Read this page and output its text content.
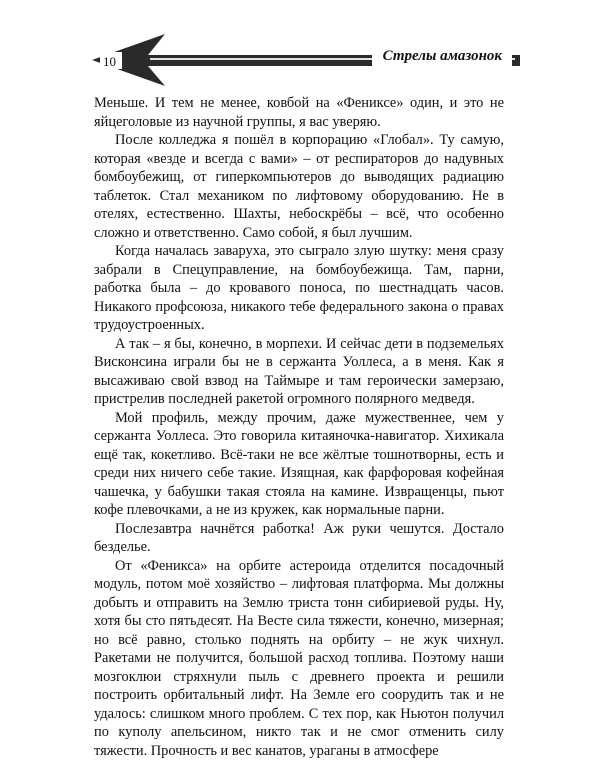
10	Стрелы амазонок

Меньше. И тем не менее, ковбой на «Фениксе» один, и это не яйцеголовые из научной группы, я вас уверяю.

После колледжа я пошёл в корпорацию «Глобал». Ту самую, которая «везде и всегда с вами» – от респираторов до надувных бомбоубежищ, от гиперкомпьютеров до выводящих радиацию таблеток. Стал механиком по лифтовому оборудованию. Не в отелях, естественно. Шахты, небоскрёбы – всё, что особенно сложно и ответственно. Само собой, я был лучшим.

Когда началась заваруха, это сыграло злую шутку: меня сразу забрали в Спецуправление, на бомбоубежища. Там, парни, работка была – до кровавого поноса, по шестнадцать часов. Никакого профсоюза, никакого тебе федерального закона о правах трудоустроенных.

А так – я бы, конечно, в морпехи. И сейчас дети в подземельях Висконсина играли бы не в сержанта Уоллеса, а в меня. Как я высаживаю свой взвод на Таймыре и там героически замерзаю, пристрелив последней ракетой огромного полярного медведя.

Мой профиль, между прочим, даже мужественнее, чем у сержанта Уоллеса. Это говорила китаяночка-навигатор. Хихикала ещё так, кокетливо. Всё-таки не все жёлтые тошнотворны, есть и среди них ничего себе такие. Изящная, как фарфоровая кофейная чашечка, у бабушки такая стояла на камине. Извращенцы, пьют кофе плевочками, а не из кружек, как нормальные парни.

Послезавтра начнётся работка! Аж руки чешутся. Достало безделье.

От «Феникса» на орбите астероида отделится посадочный модуль, потом моё хозяйство – лифтовая платформа. Мы должны добыть и отправить на Землю триста тонн сибириевой руды. Ну, хотя бы сто пятьдесят. На Весте сила тяжести, конечно, мизерная; но всё равно, столько поднять на орбиту – не жук чихнул. Ракетами не получится, большой расход топлива. Поэтому наши мозгоклюи стряхнули пыль с древнего проекта и решили построить орбитальный лифт. На Земле его соорудить так и не удалось: слишком много проблем. С тех пор, как Ньютон получил по куполу апельсином, никто так и не смог отменить силу тяжести. Прочность и вес канатов, ураганы в атмосфере
